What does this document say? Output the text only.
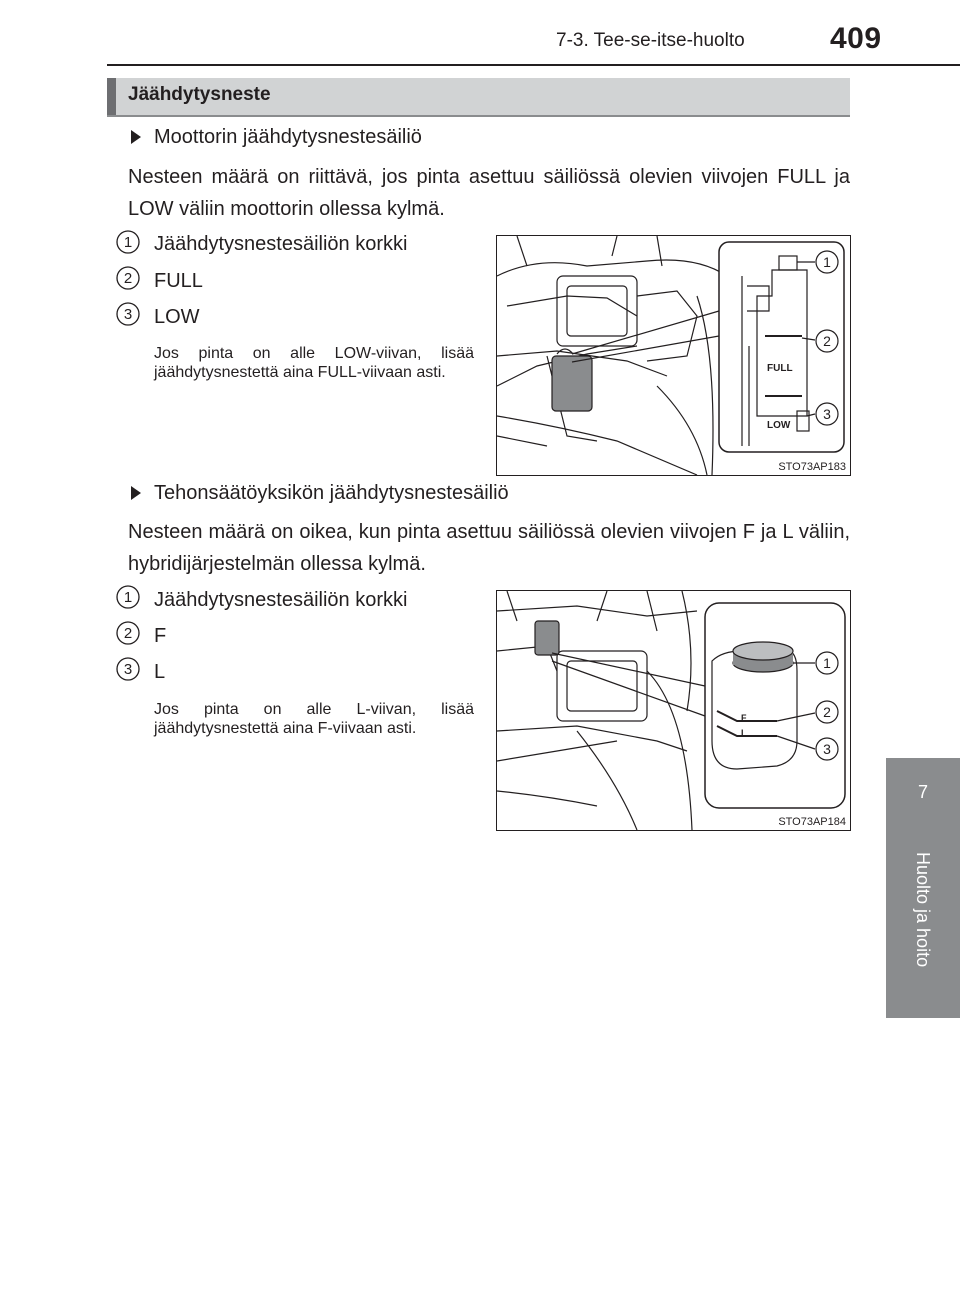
7-3. Tee-se-itse-huolto	409
7
Huolto ja hoito
Jäähdytysneste
Moottorin jäähdytysnestesäiliö
Nesteen määrä on riittävä, jos pinta asettuu säiliössä olevien viivojen FULL ja LOW väliin moottorin ollessa kylmä.
1 Jäähdytysnestesäiliön korkki
2 FULL
3 LOW
Jos pinta on alle LOW-viivan, lisää jäähdytysnestettä aina FULL-viivaan asti.	FULL
LOW
1
2
3
STO73AP183
Tehonsäätöyksikön jäähdytysnestesäiliö
Nesteen määrä on oikea, kun pinta asettuu säiliössä olevien viivojen F ja L väliin, hybridijärjestelmän ollessa kylmä.
1 Jäähdytysnestesäiliön korkki
2 F
3 L
Jos pinta on alle L-viivan, lisää jäähdytysnestettä aina F-viivaan asti.
F
L
1
2
3
STO73AP184
